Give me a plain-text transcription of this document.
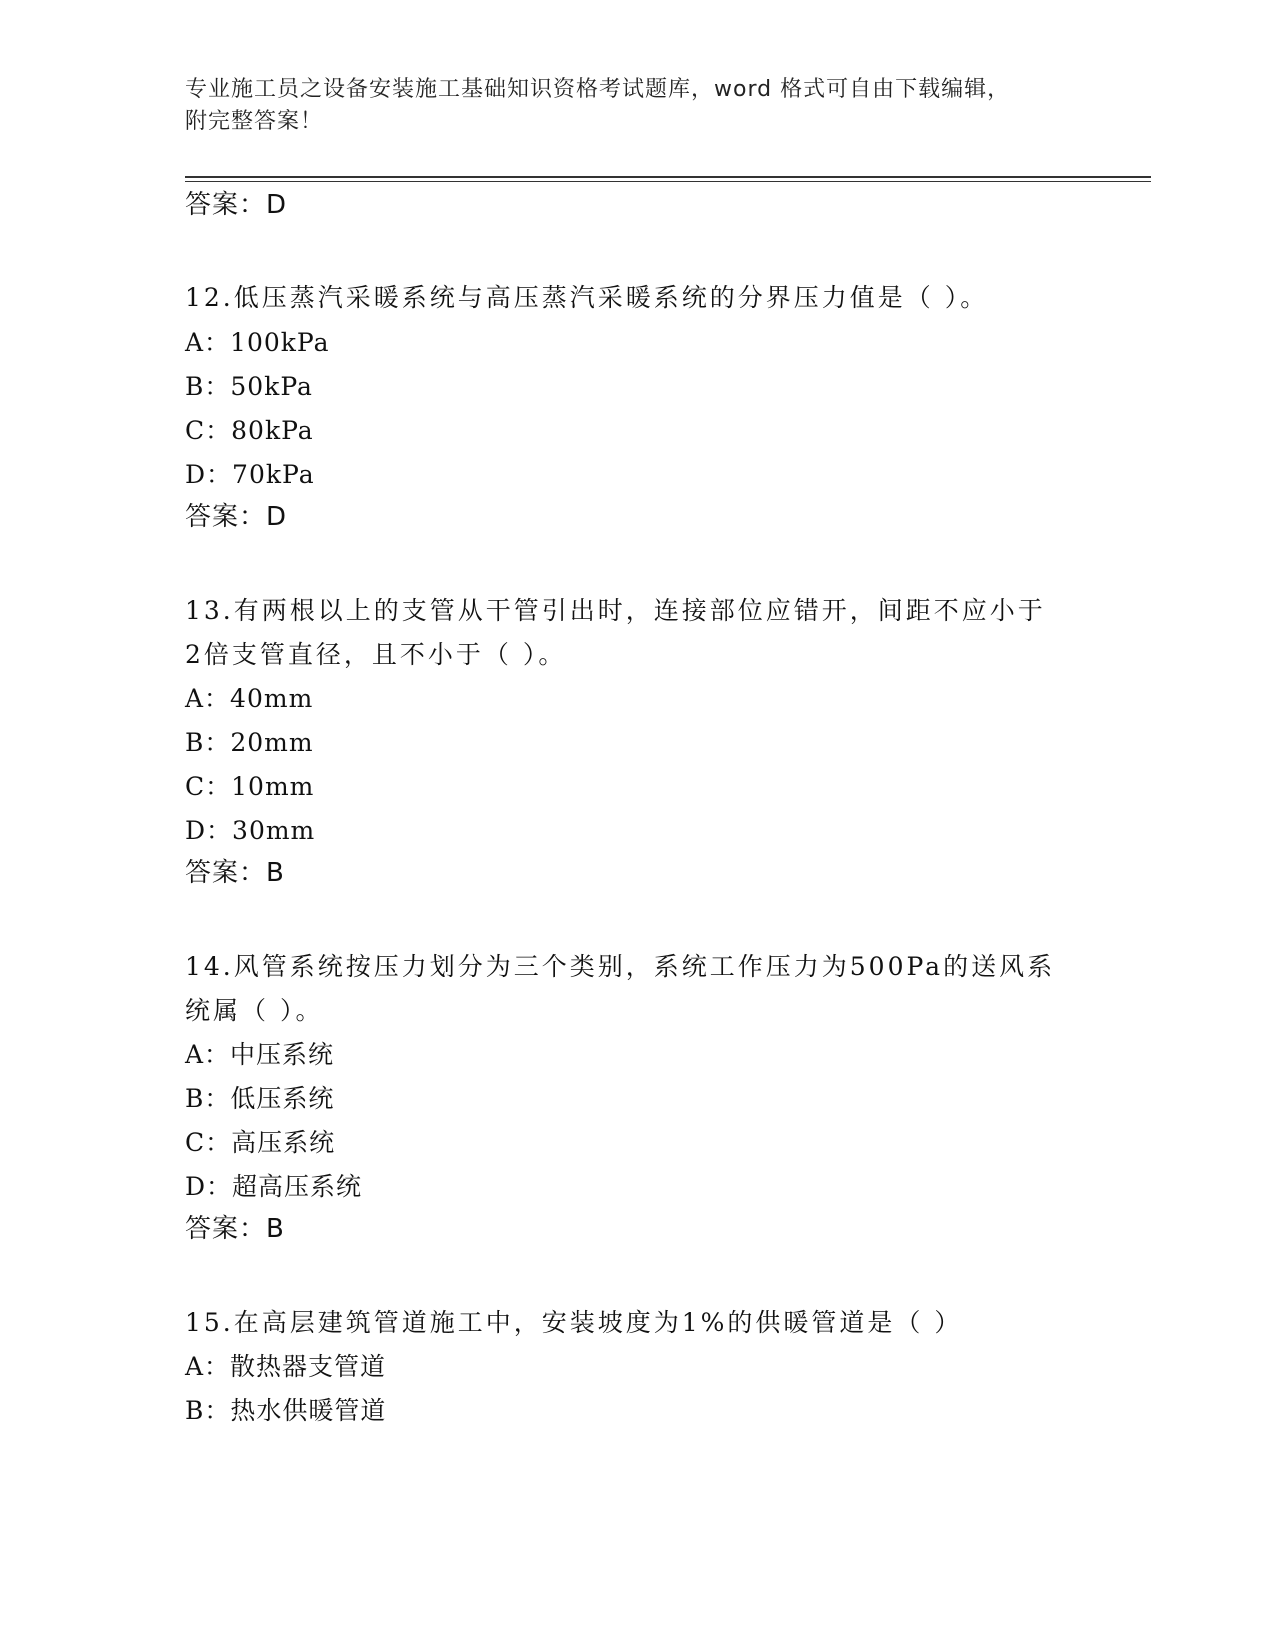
专业施工员之设备安装施工基础知识资格考试题库，word 格式可自由下载编辑，
附完整答案！
答案：D
12.低压蒸汽采暖系统与高压蒸汽采暖系统的分界压力值是（ ）。
A：100kPa
B：50kPa
C：80kPa
D：70kPa
答案：D
13.有两根以上的支管从干管引出时，连接部位应错开，间距不应小于
2倍支管直径，且不小于（ ）。
A：40mm
B：20mm
C：10mm
D：30mm
答案：B
14.风管系统按压力划分为三个类别，系统工作压力为500Pa的送风系
统属（ ）。
A：中压系统
B：低压系统
C：高压系统
D：超高压系统
答案：B
15.在高层建筑管道施工中，安装坡度为1%的供暖管道是（ ）
A：散热器支管道
B：热水供暖管道
